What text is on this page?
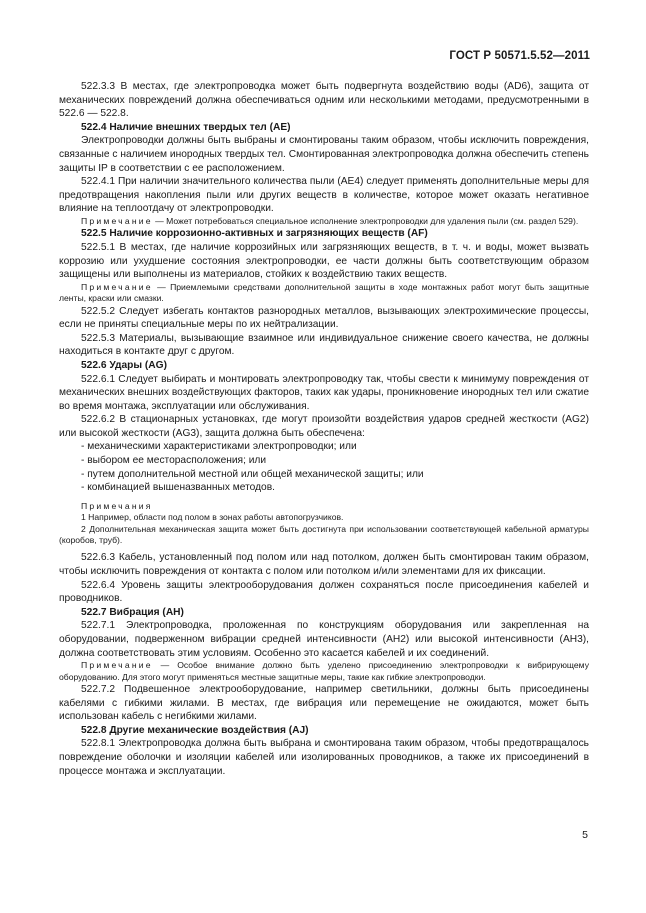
ГОСТ Р 50571.5.52—2011

522.3.3 В местах, где электропроводка может быть подвергнута воздействию воды (AD6), защита от механических повреждений должна обеспечиваться одним или несколькими методами, предусмотренными в 522.6 — 522.8.

522.4 Наличие внешних твердых тел (AE)

Электропроводки должны быть выбраны и смонтированы таким образом, чтобы исключить повреждения, связанные с наличием инородных твердых тел. Смонтированная электропроводка должна обеспечить степень защиты IP в соответствии с ее расположением.

522.4.1 При наличии значительного количества пыли (AE4) следует применять дополнительные меры для предотвращения накопления пыли или других веществ в количестве, которое может оказать негативное влияние на теплоотдачу от электропроводки.

Примечание — Может потребоваться специальное исполнение электропроводки для удаления пыли (см. раздел 529).

522.5 Наличие коррозионно-активных и загрязняющих веществ (AF)

522.5.1 В местах, где наличие коррозийных или загрязняющих веществ, в т. ч. и воды, может вызвать коррозию или ухудшение состояния электропроводки, ее части должны быть соответствующим образом защищены или выполнены из материалов, стойких к воздействию таких веществ.

Примечание — Приемлемыми средствами дополнительной защиты в ходе монтажных работ могут быть защитные ленты, краски или смазки.

522.5.2 Следует избегать контактов разнородных металлов, вызывающих электрохимические процессы, если не приняты специальные меры по их нейтрализации.

522.5.3 Материалы, вызывающие взаимное или индивидуальное снижение своего качества, не должны находиться в контакте друг с другом.

522.6 Удары (AG)

522.6.1 Следует выбирать и монтировать электропроводку так, чтобы свести к минимуму повреждения от механических внешних воздействующих факторов, таких как удары, проникновение инородных тел или сжатие во время монтажа, эксплуатации или обслуживания.

522.6.2 В стационарных установках, где могут произойти воздействия ударов средней жесткости (AG2) или высокой жесткости (AG3), защита должна быть обеспечена:

- механическими характеристиками электропроводки; или

- выбором ее месторасположения; или

- путем дополнительной местной или общей механической защиты; или

- комбинацией вышеназванных методов.

Примечания

1 Например, области под полом в зонах работы автопогрузчиков.

2 Дополнительная механическая защита может быть достигнута при использовании соответствующей кабельной арматуры (коробов, труб).

522.6.3 Кабель, установленный под полом или над потолком, должен быть смонтирован таким образом, чтобы исключить повреждения от контакта с полом или потолком и/или элементами для их фиксации.

522.6.4 Уровень защиты электрооборудования должен сохраняться после присоединения кабелей и проводников.

522.7 Вибрация (AH)

522.7.1 Электропроводка, проложенная по конструкциям оборудования или закрепленная на оборудовании, подверженном вибрации средней интенсивности (AH2) или высокой интенсивности (AH3), должна соответствовать этим условиям. Особенно это касается кабелей и их соединений.

Примечание — Особое внимание должно быть уделено присоединению электропроводки к вибрирующему оборудованию. Для этого могут применяться местные защитные меры, такие как гибкие электропроводки.

522.7.2 Подвешенное электрооборудование, например светильники, должны быть присоединены кабелями с гибкими жилами. В местах, где вибрация или перемещение не ожидаются, может быть использован кабель с негибкими жилами.

522.8 Другие механические воздействия (AJ)

522.8.1 Электропроводка должна быть выбрана и смонтирована таким образом, чтобы предотвращалось повреждение оболочки и изоляции кабелей или изолированных проводников, а также их присоединений в процессе монтажа и эксплуатации.

5
